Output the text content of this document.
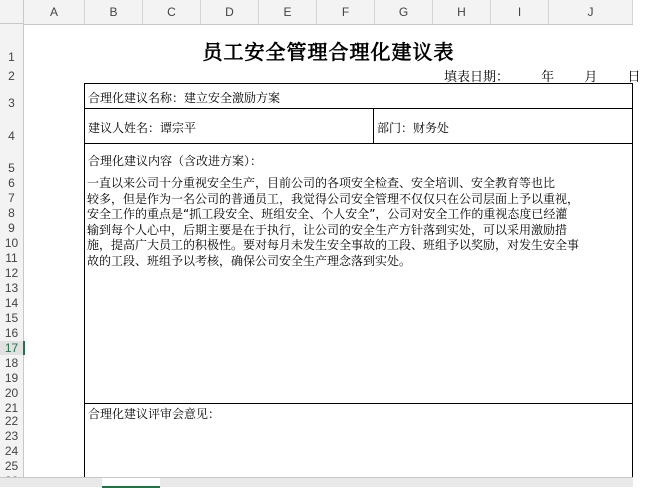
A	B	C	D	E	F	G	H	I	J
1
2
3
4
5
6
7
8
9
10
11
12
13
14
15
16
17
18
19
20
21
22
23
24
25
员工安全管理合理化建议表
填表日期： 年 月 日
合理化建议名称：建立安全激励方案
建议人姓名：谭宗平	部门：财务处
合理化建议内容（含改进方案）：
合理化建议评审会意见：

一直以来公司十分重视安全生产，目前公司的各项安全检查、安全培训、安全教育等也比

较多，但是作为一名公司的普通员工，我觉得公司安全管理不仅仅只在公司层面上予以重视，

安全工作的重点是“抓工段安全、班组安全、个人安全”，公司对安全工作的重视态度已经灌

输到每个人心中，后期主要是在于执行，让公司的安全生产方针落到实处，可以采用激励措

施，提高广大员工的积极性。要对每月未发生安全事故的工段、班组予以奖励，对发生安全事

故的工段、班组予以考核，确保公司安全生产理念落到实处。
